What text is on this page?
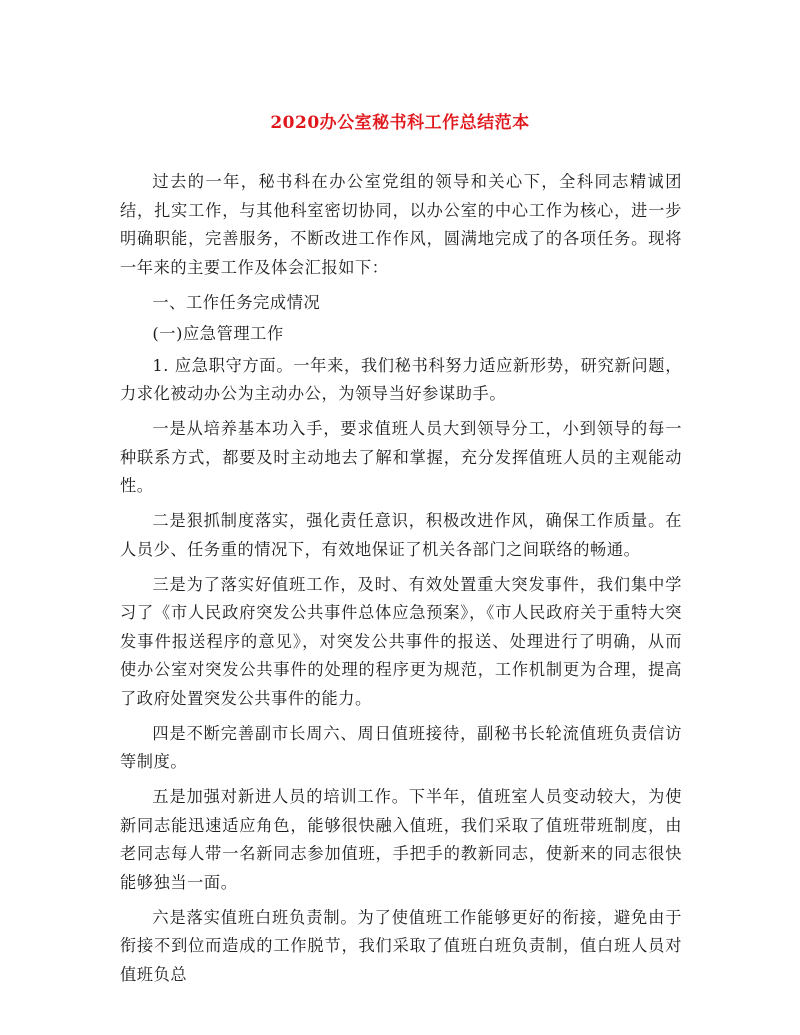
2020办公室秘书科工作总结范本

过去的一年，秘书科在办公室党组的领导和关心下，全科同志精诚团结，扎实工作，与其他科室密切协同，以办公室的中心工作为核心，进一步明确职能，完善服务，不断改进工作作风，圆满地完成了的各项任务。现将一年来的主要工作及体会汇报如下：

一、工作任务完成情况

(一)应急管理工作

1. 应急职守方面。一年来，我们秘书科努力适应新形势，研究新问题，力求化被动办公为主动办公，为领导当好参谋助手。

一是从培养基本功入手，要求值班人员大到领导分工，小到领导的每一种联系方式，都要及时主动地去了解和掌握，充分发挥值班人员的主观能动性。

二是狠抓制度落实，强化责任意识，积极改进作风，确保工作质量。在人员少、任务重的情况下，有效地保证了机关各部门之间联络的畅通。

三是为了落实好值班工作，及时、有效处置重大突发事件，我们集中学习了《市人民政府突发公共事件总体应急预案》，《市人民政府关于重特大突发事件报送程序的意见》，对突发公共事件的报送、处理进行了明确，从而使办公室对突发公共事件的处理的程序更为规范，工作机制更为合理，提高了政府处置突发公共事件的能力。

四是不断完善副市长周六、周日值班接待，副秘书长轮流值班负责信访等制度。

五是加强对新进人员的培训工作。下半年，值班室人员变动较大，为使新同志能迅速适应角色，能够很快融入值班，我们采取了值班带班制度，由老同志每人带一名新同志参加值班，手把手的教新同志，使新来的同志很快能够独当一面。

六是落实值班白班负责制。为了使值班工作能够更好的衔接，避免由于衔接不到位而造成的工作脱节，我们采取了值班白班负责制，值白班人员对值班负总
